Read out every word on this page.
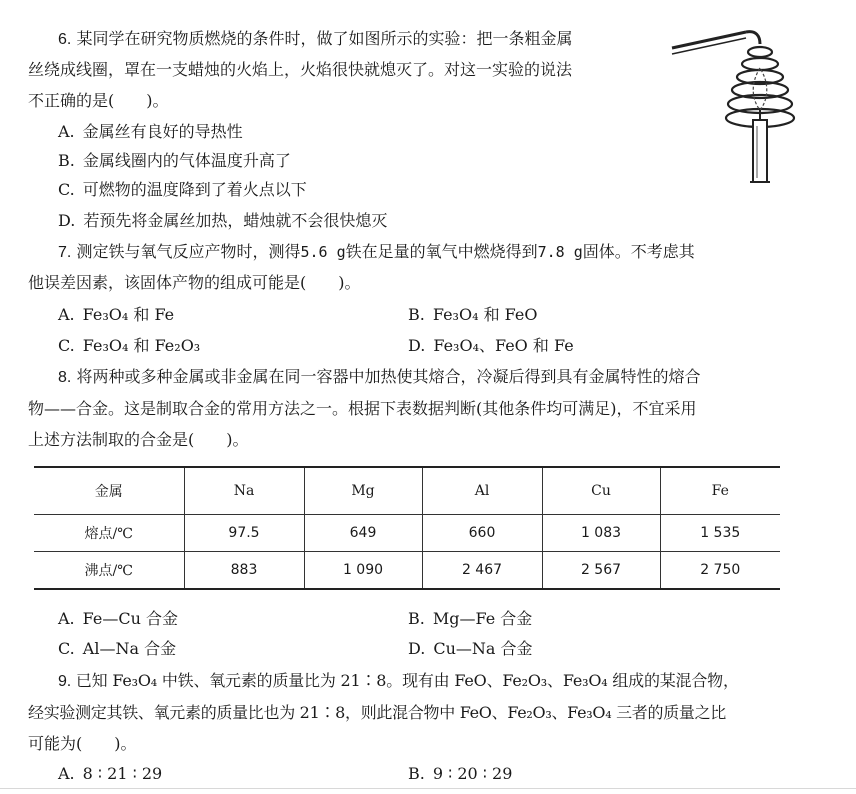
6. 某同学在研究物质燃烧的条件时，做了如图所示的实验：把一条粗金属
丝绕成线圈，罩在一支蜡烛的火焰上，火焰很快就熄灭了。对这一实验的说法
不正确的是(　　)。
A. 金属丝有良好的导热性
B. 金属线圈内的气体温度升高了
C. 可燃物的温度降到了着火点以下
D. 若预先将金属丝加热，蜡烛就不会很快熄灭
7. 测定铁与氧气反应产物时，测得5.6 g铁在足量的氧气中燃烧得到7.8 g固体。不考虑其
他误差因素，该固体产物的组成可能是(　　)。
A. Fe₃O₄ 和 Fe	B. Fe₃O₄ 和 FeO
C. Fe₃O₄ 和 Fe₂O₃	D. Fe₃O₄、FeO 和 Fe
8. 将两种或多种金属或非金属在同一容器中加热使其熔合，冷凝后得到具有金属特性的熔合
物——合金。这是制取合金的常用方法之一。根据下表数据判断(其他条件均可满足)，不宜采用
上述方法制取的合金是(　　)。
金属	Na	Mg	Al	Cu	Fe
熔点/℃	97.5	649	660	1 083	1 535
沸点/℃	883	1 090	2 467	2 567	2 750
A. Fe—Cu 合金	B. Mg—Fe 合金
C. Al—Na 合金	D. Cu—Na 合金
9. 已知 Fe₃O₄ 中铁、氧元素的质量比为 21∶8。现有由 FeO、Fe₂O₃、Fe₃O₄ 组成的某混合物，
经实验测定其铁、氧元素的质量比也为 21∶8，则此混合物中 FeO、Fe₂O₃、Fe₃O₄ 三者的质量之比
可能为(　　)。
A. 8 ∶ 21 ∶ 29	B. 9 ∶ 20 ∶ 29
